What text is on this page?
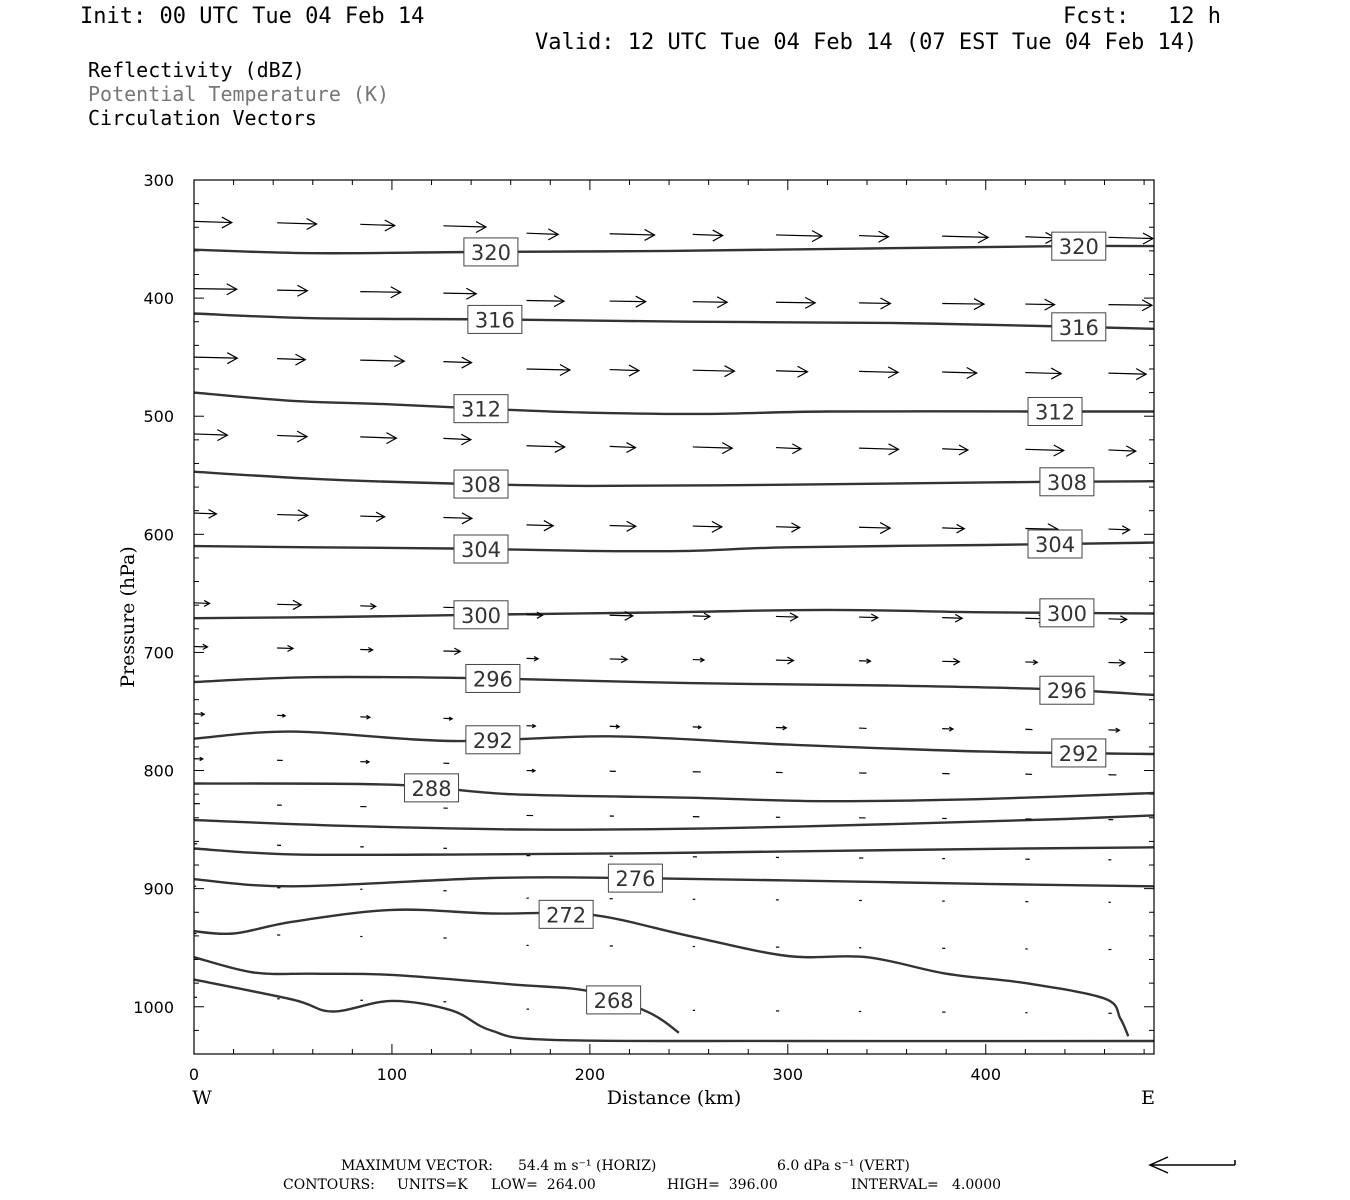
Init: 00 UTC Tue 04 Feb 14	Fcst: 12 h
Valid: 12 UTC Tue 04 Feb 14 (07 EST Tue 04 Feb 14)
Reflectivity (dBZ)
Potential Temperature (K)
Circulation Vectors
300
400
500
600
700
800
900
1000
0	100	200	300	400
320	320
316	316
312	312
308	308
304	304
300	300
296	296
292
292
288
276
272
268
Distance (km)
Pressure (hPa)
W	E
MAXIMUM VECTOR: 54.4 m s⁻¹ (HORIZ)	6.0 dPa s⁻¹ (VERT)
CONTOURS: UNITS=K LOW=  264.00	HIGH=  396.00	INTERVAL=   4.0000
